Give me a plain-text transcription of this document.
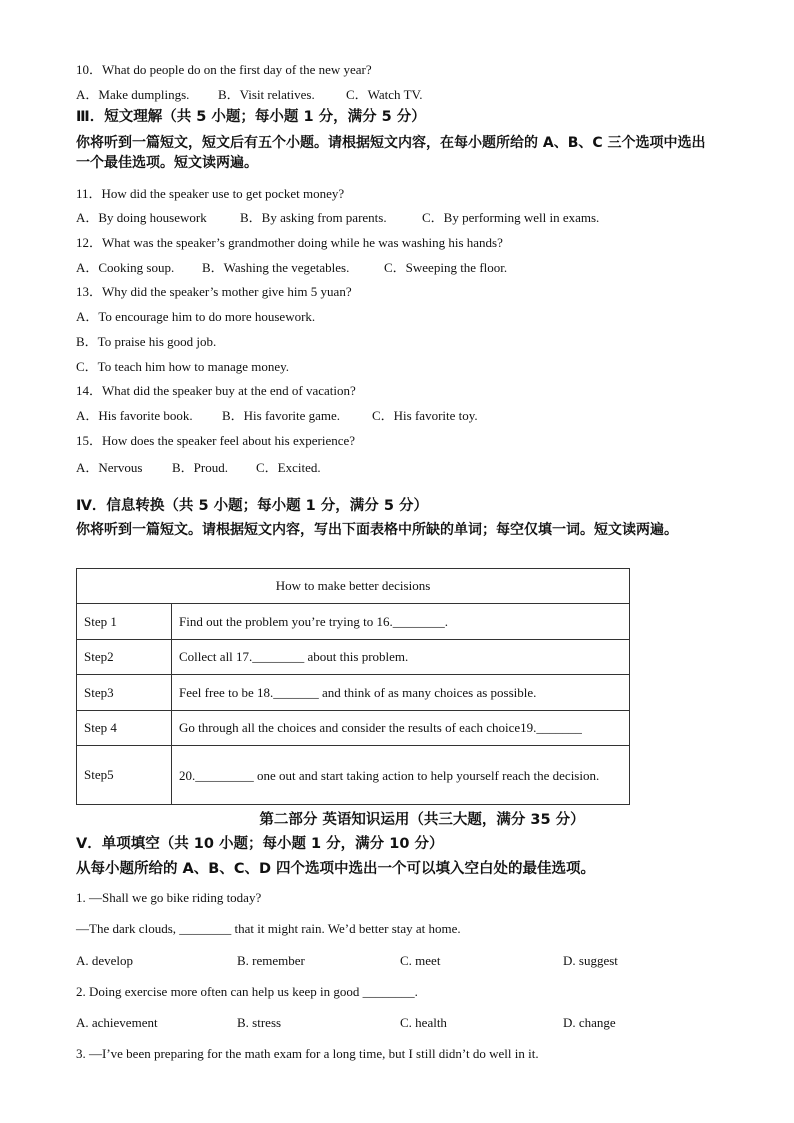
10．What do people do on the first day of the new year?
A．Make dumplings. B．Visit relatives. C．Watch TV.
Ⅲ．短文理解（共 5 小题；每小题 1 分，满分 5 分）
你将听到一篇短文，短文后有五个小题。请根据短文内容，在每小题所给的 A、B、C 三个选项中选出一个最佳选项。短文读两遍。
11．How did the speaker use to get pocket money?
A．By doing housework	B．By asking from parents.	C．By performing well in exams.
12．What was the speaker’s grandmother doing while he was washing his hands?
A．Cooking soup. B．Washing the vegetables.	C．Sweeping the floor.
13．Why did the speaker’s mother give him 5 yuan?
A．To encourage him to do more housework.
B．To praise his good job.
C．To teach him how to manage money.
14．What did the speaker buy at the end of vacation?
A．His favorite book. B．His favorite game. C．His favorite toy.
15．How does the speaker feel about his experience?
A．Nervous B．Proud. C．Excited.
Ⅳ．信息转换（共 5 小题；每小题 1 分，满分 5 分）
你将听到一篇短文。请根据短文内容，写出下面表格中所缺的单词；每空仅填一词。短文读两遍。
How to make better decisions	
Step 1	Find out the problem you’re trying to 16.________.
Step2	Collect all 17.________ about this problem.
Step3	Feel free to be 18._______ and think of as many choices as possible.
Step 4	Go through all the choices and consider the results of each choice19._______
Step5	20._________ one out and start taking action to help yourself reach the decision.
第二部分 英语知识运用（共三大题，满分 35 分）
Ⅴ．单项填空（共 10 小题；每小题 1 分，满分 10 分）
从每小题所给的 A、B、C、D 四个选项中选出一个可以填入空白处的最佳选项。
1. —Shall we go bike riding today?
—The dark clouds, ________ that it might rain. We’d better stay at home.
A. develop	B. remember	C. meet	D. suggest
2. Doing exercise more often can help us keep in good ________.
A. achievement	B. stress	C. health	D. change
3. —I’ve been preparing for the math exam for a long time, but I still didn’t do well in it.
